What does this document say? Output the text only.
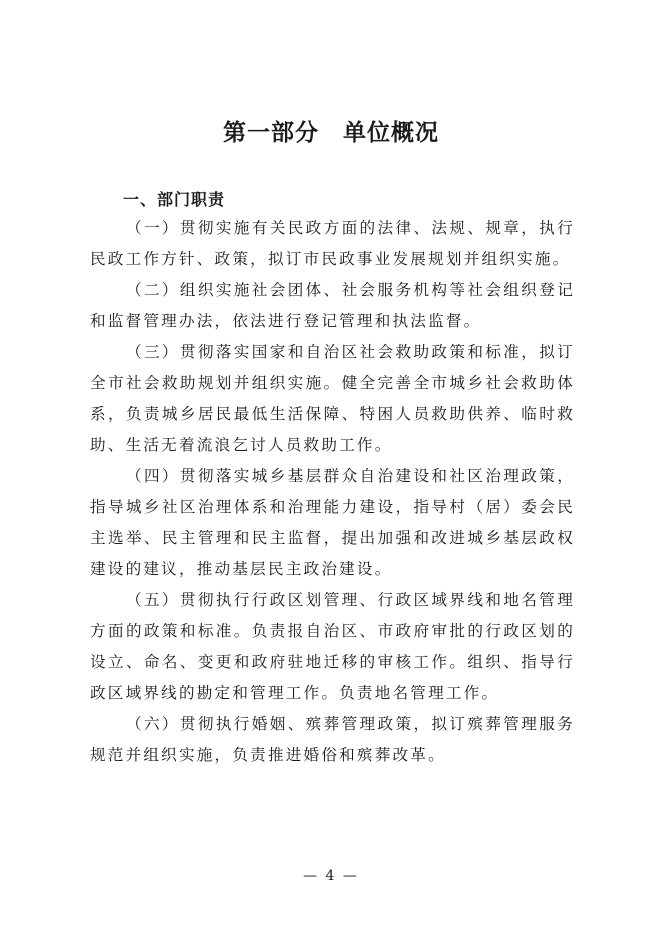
第一部分　单位概况
一、部门职责

（一）贯彻实施有关民政方面的法律、法规、规章，执行民政工作方针、政策，拟订市民政事业发展规划并组织实施。

（二）组织实施社会团体、社会服务机构等社会组织登记和监督管理办法，依法进行登记管理和执法监督。

（三）贯彻落实国家和自治区社会救助政策和标准，拟订全市社会救助规划并组织实施。健全完善全市城乡社会救助体系，负责城乡居民最低生活保障、特困人员救助供养、临时救助、生活无着流浪乞讨人员救助工作。

（四）贯彻落实城乡基层群众自治建设和社区治理政策，指导城乡社区治理体系和治理能力建设，指导村（居）委会民主选举、民主管理和民主监督，提出加强和改进城乡基层政权建设的建议，推动基层民主政治建设。

（五）贯彻执行行政区划管理、行政区域界线和地名管理方面的政策和标准。负责报自治区、市政府审批的行政区划的设立、命名、变更和政府驻地迁移的审核工作。组织、指导行政区域界线的勘定和管理工作。负责地名管理工作。

（六）贯彻执行婚姻、殡葬管理政策，拟订殡葬管理服务规范并组织实施，负责推进婚俗和殡葬改革。

— 4 —
